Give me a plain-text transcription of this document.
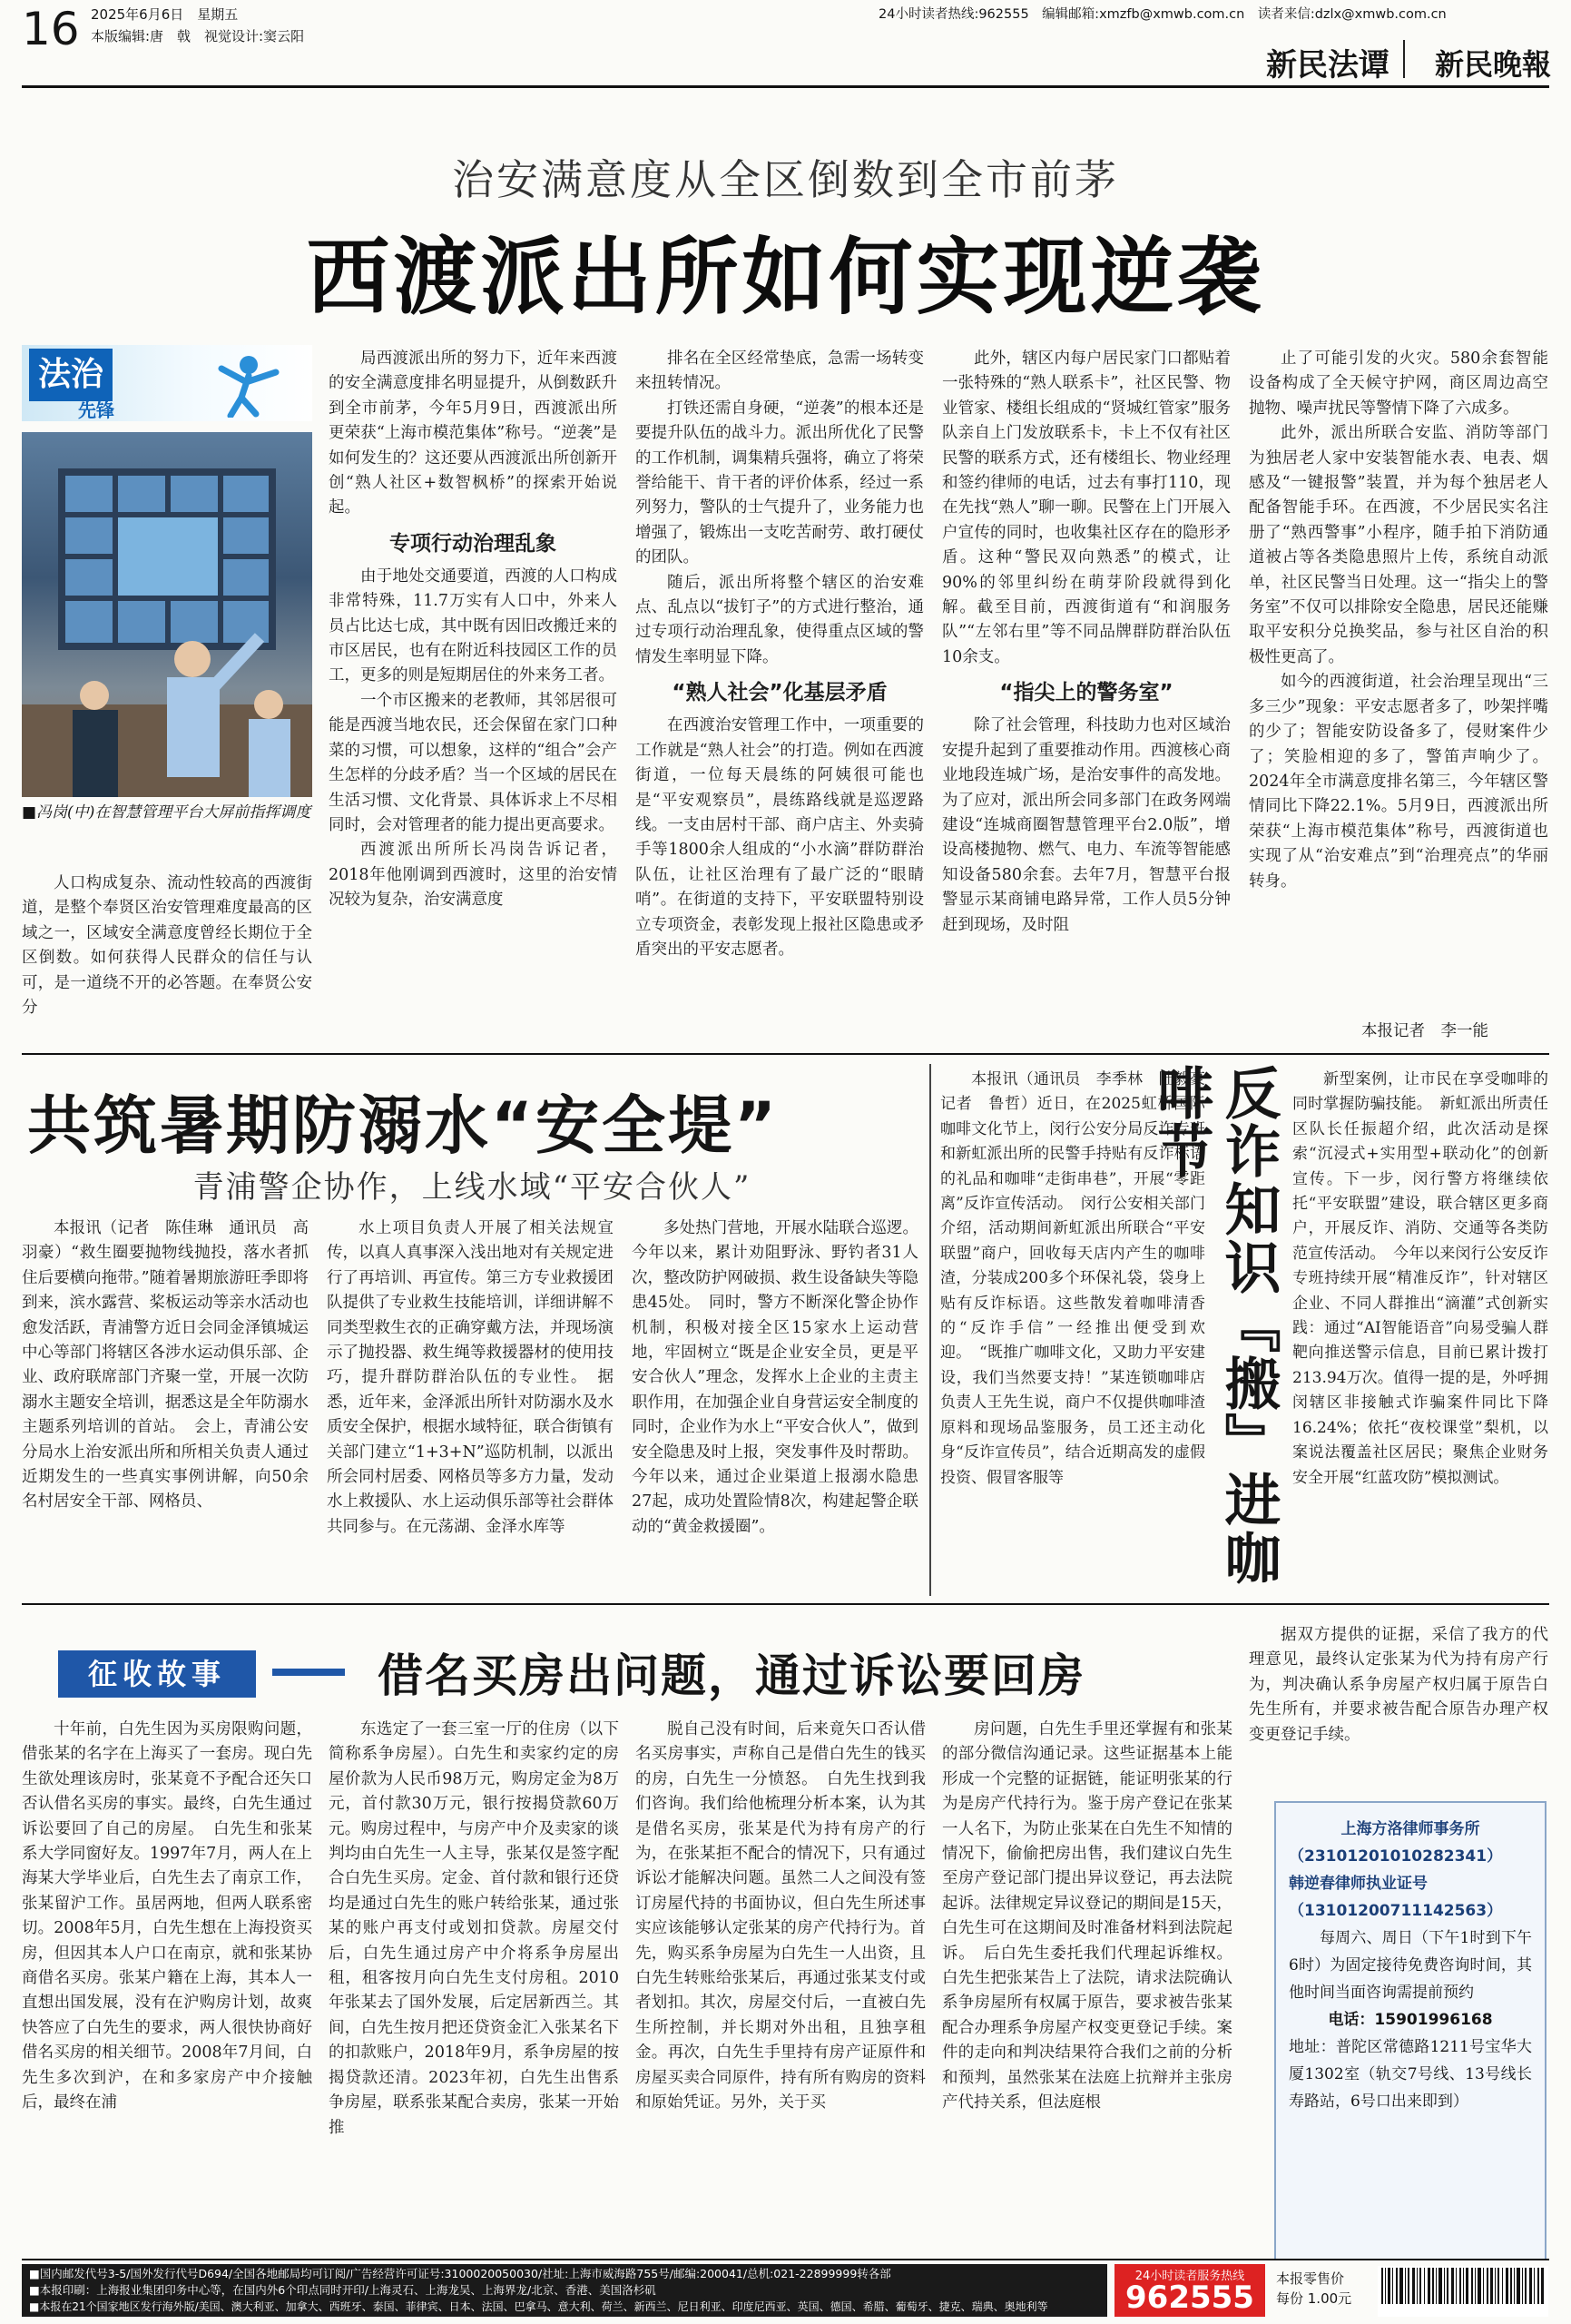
16 2025年6月6日　星期五
本版编辑:唐　戟　视觉设计:窦云阳
24小时读者热线:962555　编辑邮箱:xmzfb@xmwb.com.cn　读者来信:dzlx@xmwb.com.cn
新民法谭 新民晚報
治安满意度从全区倒数到全市前茅
西渡派出所如何实现逆袭
法治
先锋
■冯岗(中)在智慧管理平台大屏前指挥调度

人口构成复杂、流动性较高的西渡街道，是整个奉贤区治安管理难度最高的区域之一，区域安全满意度曾经长期位于全区倒数。如何获得人民群众的信任与认可，是一道绕不开的必答题。在奉贤公安分

局西渡派出所的努力下，近年来西渡的安全满意度排名明显提升，从倒数跃升到全市前茅，今年5月9日，西渡派出所更荣获“上海市模范集体”称号。“逆袭”是如何发生的？这还要从西渡派出所创新开创“熟人社区+数智枫桥”的探索开始说起。

专项行动治理乱象

由于地处交通要道，西渡的人口构成非常特殊，11.7万实有人口中，外来人员占比达七成，其中既有因旧改搬迁来的市区居民，也有在附近科技园区工作的员工，更多的则是短期居住的外来务工者。

一个市区搬来的老教师，其邻居很可能是西渡当地农民，还会保留在家门口种菜的习惯，可以想象，这样的“组合”会产生怎样的分歧矛盾？当一个区域的居民在生活习惯、文化背景、具体诉求上不尽相同时，会对管理者的能力提出更高要求。

西渡派出所所长冯岗告诉记者，2018年他刚调到西渡时，这里的治安情况较为复杂，治安满意度

排名在全区经常垫底，急需一场转变来扭转情况。

打铁还需自身硬，“逆袭”的根本还是要提升队伍的战斗力。派出所优化了民警的工作机制，调集精兵强将，确立了将荣誉给能干、肯干者的评价体系，经过一系列努力，警队的士气提升了，业务能力也增强了，锻炼出一支吃苦耐劳、敢打硬仗的团队。

随后，派出所将整个辖区的治安难点、乱点以“拔钉子”的方式进行整治，通过专项行动治理乱象，使得重点区域的警情发生率明显下降。

“熟人社会”化基层矛盾

在西渡治安管理工作中，一项重要的工作就是“熟人社会”的打造。例如在西渡街道，一位每天晨练的阿姨很可能也是“平安观察员”，晨练路线就是巡逻路线。一支由居村干部、商户店主、外卖骑手等1800余人组成的“小水滴”群防群治队伍，让社区治理有了最广泛的“眼睛哨”。在街道的支持下，平安联盟特别设立专项资金，表彰发现上报社区隐患或矛盾突出的平安志愿者。

此外，辖区内每户居民家门口都贴着一张特殊的“熟人联系卡”，社区民警、物业管家、楼组长组成的“贤城红管家”服务队亲自上门发放联系卡，卡上不仅有社区民警的联系方式，还有楼组长、物业经理和签约律师的电话，过去有事打110，现在先找“熟人”聊一聊。民警在上门开展入户宣传的同时，也收集社区存在的隐形矛盾。这种“警民双向熟悉”的模式，让90%的邻里纠纷在萌芽阶段就得到化解。截至目前，西渡街道有“和润服务队”“左邻右里”等不同品牌群防群治队伍10余支。

“指尖上的警务室”

除了社会管理，科技助力也对区域治安提升起到了重要推动作用。西渡核心商业地段连城广场，是治安事件的高发地。为了应对，派出所会同多部门在政务网端建设“连城商圈智慧管理平台2.0版”，增设高楼抛物、燃气、电力、车流等智能感知设备580余套。去年7月，智慧平台报警显示某商铺电路异常，工作人员5分钟赶到现场，及时阻

止了可能引发的火灾。580余套智能设备构成了全天候守护网，商区周边高空抛物、噪声扰民等警情下降了六成多。

此外，派出所联合安监、消防等部门为独居老人家中安装智能水表、电表、烟感及“一键报警”装置，并为每个独居老人配备智能手环。在西渡，不少居民实名注册了“熟西警事”小程序，随手拍下消防通道被占等各类隐患照片上传，系统自动派单，社区民警当日处理。这一“指尖上的警务室”不仅可以排除安全隐患，居民还能赚取平安积分兑换奖品，参与社区自治的积极性更高了。

如今的西渡街道，社会治理呈现出“三多三少”现象：平安志愿者多了，吵架拌嘴的少了；智能安防设备多了，侵财案件少了；笑脸相迎的多了，警笛声响少了。2024年全市满意度排名第三，今年辖区警情同比下降22.1%。5月9日，西渡派出所荣获“上海市模范集体”称号，西渡街道也实现了从“治安难点”到“治理亮点”的华丽转身。

本报记者　李一能
共筑暑期防溺水“安全堤”
青浦警企协作，上线水域“平安合伙人”

本报讯（记者　陈佳琳　通讯员　高羽豪）“救生圈要抛物线抛投，落水者抓住后要横向拖带。”随着暑期旅游旺季即将到来，滨水露营、桨板运动等亲水活动也愈发活跃，青浦警方近日会同金泽镇城运中心等部门将辖区各涉水运动俱乐部、企业、政府联席部门齐聚一堂，开展一次防溺水主题安全培训，据悉这是全年防溺水主题系列培训的首站。　会上，青浦公安分局水上治安派出所和所相关负责人通过近期发生的一些真实事例讲解，向50余名村居安全干部、网格员、

水上项目负责人开展了相关法规宣传，以真人真事深入浅出地对有关规定进行了再培训、再宣传。第三方专业救援团队提供了专业救生技能培训，详细讲解不同类型救生衣的正确穿戴方法，并现场演示了抛投器、救生绳等救援器材的使用技巧，提升群防群治队伍的专业性。　据悉，近年来，金泽派出所针对防溺水及水质安全保护，根据水域特征，联合街镇有关部门建立“1+3+N”巡防机制，以派出所会同村居委、网格员等多方力量，发动水上救援队、水上运动俱乐部等社会群体共同参与。在元荡湖、金泽水库等

多处热门营地，开展水陆联合巡逻。今年以来，累计劝阻野泳、野钓者31人次，整改防护网破损、救生设备缺失等隐患45处。　同时，警方不断深化警企协作机制，积极对接全区15家水上运动营地，牢固树立“既是企业安全员，更是平安合伙人”理念，发挥水上企业的主责主职作用，在加强企业自身营运安全制度的同时，企业作为水上“平安合伙人”，做到安全隐患及时上报，突发事件及时帮助。今年以来，通过企业渠道上报溺水隐患27起，成功处置险情8次，构建起警企联动的“黄金救援圈”。

本报讯（通讯员　李季林　陆毅豪　记者　鲁哲）近日，在2025虹桥国际咖啡文化节上，闵行公安分局反诈专班和新虹派出所的民警手持贴有反诈标语的礼品和咖啡“走街串巷”，开展“零距离”反诈宣传活动。　闵行公安相关部门介绍，活动期间新虹派出所联合“平安联盟”商户，回收每天店内产生的咖啡渣，分装成200多个环保礼袋，袋身上贴有反诈标语。这些散发着咖啡清香的“反诈手信”一经推出便受到欢迎。　“既推广咖啡文化，又助力平安建设，我们当然要支持！”某连锁咖啡店负责人王先生说，商户不仅提供咖啡渣原料和现场品鉴服务，员工还主动化身“反诈宣传员”，结合近期高发的虚假投资、假冒客服等	反诈知识『搬』进咖啡节	新型案例，让市民在享受咖啡的同时掌握防骗技能。　新虹派出所责任区队长任振超介绍，此次活动是探索“沉浸式+实用型+联动化”的创新宣传。下一步，闵行警方将继续依托“平安联盟”建设，联合辖区更多商户，开展反诈、消防、交通等各类防范宣传活动。　今年以来闵行公安反诈专班持续开展“精准反诈”，针对辖区企业、不同人群推出“滴灌”式创新实践：通过“AI智能语音”向易受骗人群靶向推送警示信息，目前已累计拨打213.94万次。值得一提的是，外呼拥闵辖区非接触式诈骗案件同比下降16.24%；依托“夜校课堂”梨机，以案说法覆盖社区居民；聚焦企业财务安全开展“红蓝攻防”模拟测试。

征收故事	借名买房出问题，通过诉讼要回房

十年前，白先生因为买房限购问题，借张某的名字在上海买了一套房。现白先生欲处理该房时，张某竟不予配合还矢口否认借名买房的事实。最终，白先生通过诉讼要回了自己的房屋。　白先生和张某系大学同窗好友。1997年7月，两人在上海某大学毕业后，白先生去了南京工作，张某留沪工作。虽居两地，但两人联系密切。2008年5月，白先生想在上海投资买房，但因其本人户口在南京，就和张某协商借名买房。张某户籍在上海，其本人一直想出国发展，没有在沪购房计划，故爽快答应了白先生的要求，两人很快协商好借名买房的相关细节。2008年7月间，白先生多次到沪，在和多家房产中介接触后，最终在浦

东选定了一套三室一厅的住房（以下简称系争房屋）。白先生和卖家约定的房屋价款为人民币98万元，购房定金为8万元，首付款30万元，银行按揭贷款60万元。购房过程中，与房产中介及卖家的谈判均由白先生一人主导，张某仅是签字配合白先生买房。定金、首付款和银行还贷均是通过白先生的账户转给张某，通过张某的账户再支付或划扣贷款。房屋交付后，白先生通过房产中介将系争房屋出租，租客按月向白先生支付房租。2010年张某去了国外发展，后定居新西兰。其间，白先生按月把还贷资金汇入张某名下的扣款账户，2018年9月，系争房屋的按揭贷款还清。2023年初，白先生出售系争房屋，联系张某配合卖房，张某一开始推

脱自己没有时间，后来竟矢口否认借名买房事实，声称自己是借白先生的钱买的房，白先生一分愤怒。　白先生找到我们咨询。我们给他梳理分析本案，认为其是借名买房，张某是代为持有房产的行为，在张某拒不配合的情况下，只有通过诉讼才能解决问题。虽然二人之间没有签订房屋代持的书面协议，但白先生所述事实应该能够认定张某的房产代持行为。首先，购买系争房屋为白先生一人出资，且白先生转账给张某后，再通过张某支付或者划扣。其次，房屋交付后，一直被白先生所控制，并长期对外出租，且独享租金。再次，白先生手里持有房产证原件和房屋买卖合同原件，持有所有购房的资料和原始凭证。另外，关于买

房问题，白先生手里还掌握有和张某的部分微信沟通记录。这些证据基本上能形成一个完整的证据链，能证明张某的行为是房产代持行为。鉴于房产登记在张某一人名下，为防止张某在白先生不知情的情况下，偷偷把房出售，我们建议白先生至房产登记部门提出异议登记，再去法院起诉。法律规定异议登记的期间是15天，白先生可在这期间及时准备材料到法院起诉。　后白先生委托我们代理起诉维权。白先生把张某告上了法院，请求法院确认系争房屋所有权属于原告，要求被告张某配合办理系争房屋产权变更登记手续。案件的走向和判决结果符合我们之前的分析和预判，虽然张某在法庭上抗辩并主张房产代持关系，但法庭根

据双方提供的证据，采信了我方的代理意见，最终认定张某为代为持有房产行为，判决确认系争房屋产权归属于原告白先生所有，并要求被告配合原告办理产权变更登记手续。

上海方洛律师事务所
（23101201010282341）
韩逆春律师执业证号
（13101200711142563）
每周六、周日（下午1时到下午6时）为固定接待免费咨询时间，其他时间当面咨询需提前预约
电话：15901996168
地址：普陀区常德路1211号宝华大厦1302室（轨交7号线、13号线长寿路站，6号口出来即到）
■国内邮发代号3-5/国外发行代号D694/全国各地邮局均可订阅/广告经营许可证号:3100020050030/社址:上海市威海路755号/邮编:200041/总机:021-22899999转各部
■本报印刷：上海报业集团印务中心等，在国内外6个印点同时开印/上海灵石、上海龙吴、上海界龙/北京、香港、美国洛杉矶
■本报在21个国家地区发行海外版/美国、澳大利亚、加拿大、西班牙、泰国、菲律宾、日本、法国、巴拿马、意大利、荷兰、新西兰、尼日利亚、印度尼西亚、英国、德国、希腊、葡萄牙、捷克、瑞典、奥地利等
24小时读者服务热线
962555
本报零售价
每份 1.00元
